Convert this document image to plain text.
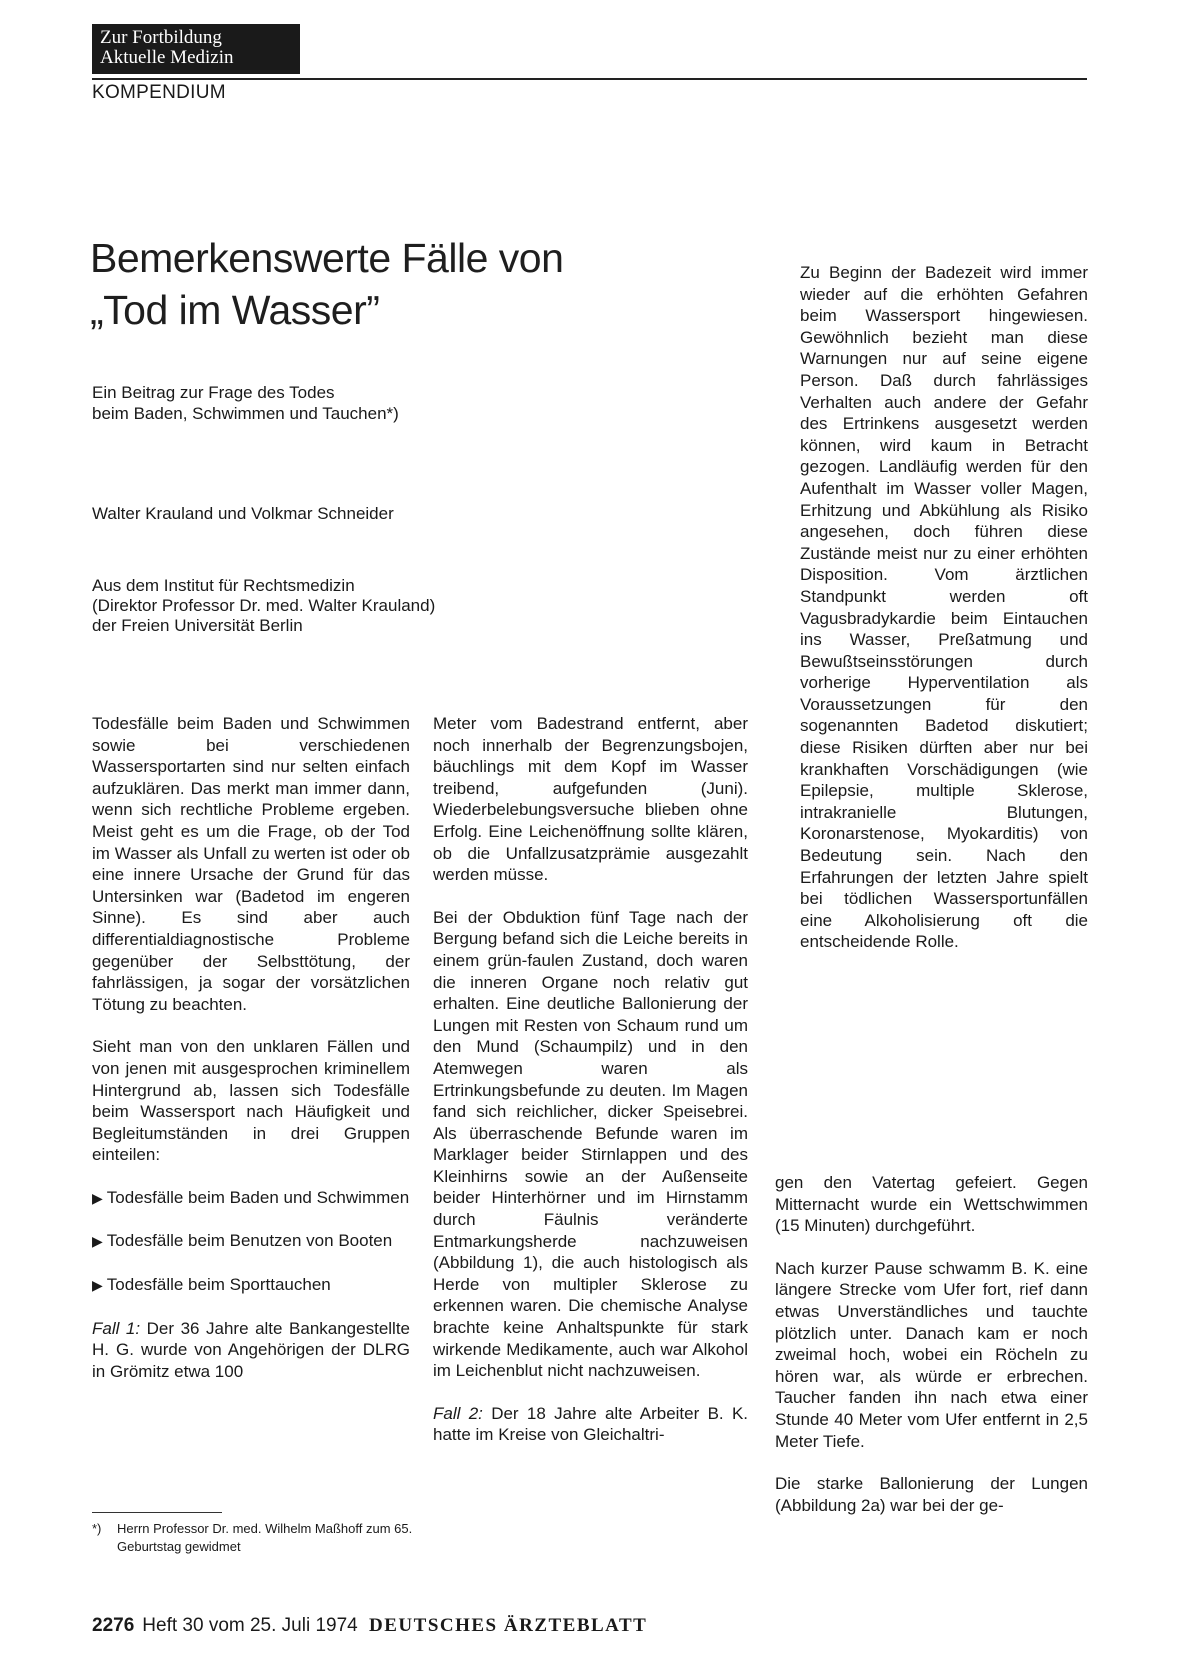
Zur Fortbildung
Aktuelle Medizin
KOMPENDIUM
Bemerkenswerte Fälle von
„Tod im Wasser”
Ein Beitrag zur Frage des Todes
beim Baden, Schwimmen und Tauchen*)
Walter Krauland und Volkmar Schneider
Aus dem Institut für Rechtsmedizin
(Direktor Professor Dr. med. Walter Krauland)
der Freien Universität Berlin

Todesfälle beim Baden und Schwimmen sowie bei verschiedenen Wassersportarten sind nur selten einfach aufzuklären. Das merkt man immer dann, wenn sich rechtliche Probleme ergeben. Meist geht es um die Frage, ob der Tod im Wasser als Unfall zu werten ist oder ob eine innere Ursache der Grund für das Untersinken war (Badetod im engeren Sinne). Es sind aber auch differentialdiagnostische Probleme gegenüber der Selbsttötung, der fahrlässigen, ja sogar der vorsätzlichen Tötung zu beachten.

Sieht man von den unklaren Fällen und von jenen mit ausgesprochen kriminellem Hintergrund ab, lassen sich Todesfälle beim Wassersport nach Häufigkeit und Begleitumständen in drei Gruppen einteilen:

▶ Todesfälle beim Baden und Schwimmen

▶ Todesfälle beim Benutzen von Booten

▶ Todesfälle beim Sporttauchen

Fall 1: Der 36 Jahre alte Bankangestellte H. G. wurde von Angehörigen der DLRG in Grömitz etwa 100

Meter vom Badestrand entfernt, aber noch innerhalb der Begrenzungsbojen, bäuchlings mit dem Kopf im Wasser treibend, aufgefunden (Juni). Wiederbelebungsversuche blieben ohne Erfolg. Eine Leichenöffnung sollte klären, ob die Unfallzusatzprämie ausgezahlt werden müsse.

Bei der Obduktion fünf Tage nach der Bergung befand sich die Leiche bereits in einem grün-faulen Zustand, doch waren die inneren Organe noch relativ gut erhalten. Eine deutliche Ballonierung der Lungen mit Resten von Schaum rund um den Mund (Schaumpilz) und in den Atemwegen waren als Ertrinkungsbefunde zu deuten. Im Magen fand sich reichlicher, dicker Speisebrei. Als überraschende Befunde waren im Marklager beider Stirnlappen und des Kleinhirns sowie an der Außenseite beider Hinterhörner und im Hirnstamm durch Fäulnis veränderte Entmarkungsherde nachzuweisen (Abbildung 1), die auch histologisch als Herde von multipler Sklerose zu erkennen waren. Die chemische Analyse brachte keine Anhaltspunkte für stark wirkende Medikamente, auch war Alkohol im Leichenblut nicht nachzuweisen.

Fall 2: Der 18 Jahre alte Arbeiter B. K. hatte im Kreise von Gleichaltri-

Zu Beginn der Badezeit wird immer wieder auf die erhöhten Gefahren beim Wassersport hingewiesen. Gewöhnlich bezieht man diese Warnungen nur auf seine eigene Person. Daß durch fahrlässiges Verhalten auch andere der Gefahr des Ertrinkens ausgesetzt werden können, wird kaum in Betracht gezogen. Landläufig werden für den Aufenthalt im Wasser voller Magen, Erhitzung und Abkühlung als Risiko angesehen, doch führen diese Zustände meist nur zu einer erhöhten Disposition. Vom ärztlichen Standpunkt werden oft Vagusbradykardie beim Eintauchen ins Wasser, Preßatmung und Bewußtseinsstörungen durch vorherige Hyperventilation als Voraussetzungen für den sogenannten Badetod diskutiert; diese Risiken dürften aber nur bei krankhaften Vorschädigungen (wie Epilepsie, multiple Sklerose, intrakranielle Blutungen, Koronarstenose, Myokarditis) von Bedeutung sein. Nach den Erfahrungen der letzten Jahre spielt bei tödlichen Wassersportunfällen eine Alkoholisierung oft die entscheidende Rolle.

gen den Vatertag gefeiert. Gegen Mitternacht wurde ein Wettschwimmen (15 Minuten) durchgeführt.

Nach kurzer Pause schwamm B. K. eine längere Strecke vom Ufer fort, rief dann etwas Unverständliches und tauchte plötzlich unter. Danach kam er noch zweimal hoch, wobei ein Röcheln zu hören war, als würde er erbrechen. Taucher fanden ihn nach etwa einer Stunde 40 Meter vom Ufer entfernt in 2,5 Meter Tiefe.

Die starke Ballonierung der Lungen (Abbildung 2a) war bei der ge-

*) Herrn Professor Dr. med. Wilhelm Maßhoff zum 65. Geburtstag gewidmet
2276 Heft 30 vom 25. Juli 1974 DEUTSCHES ÄRZTEBLATT
